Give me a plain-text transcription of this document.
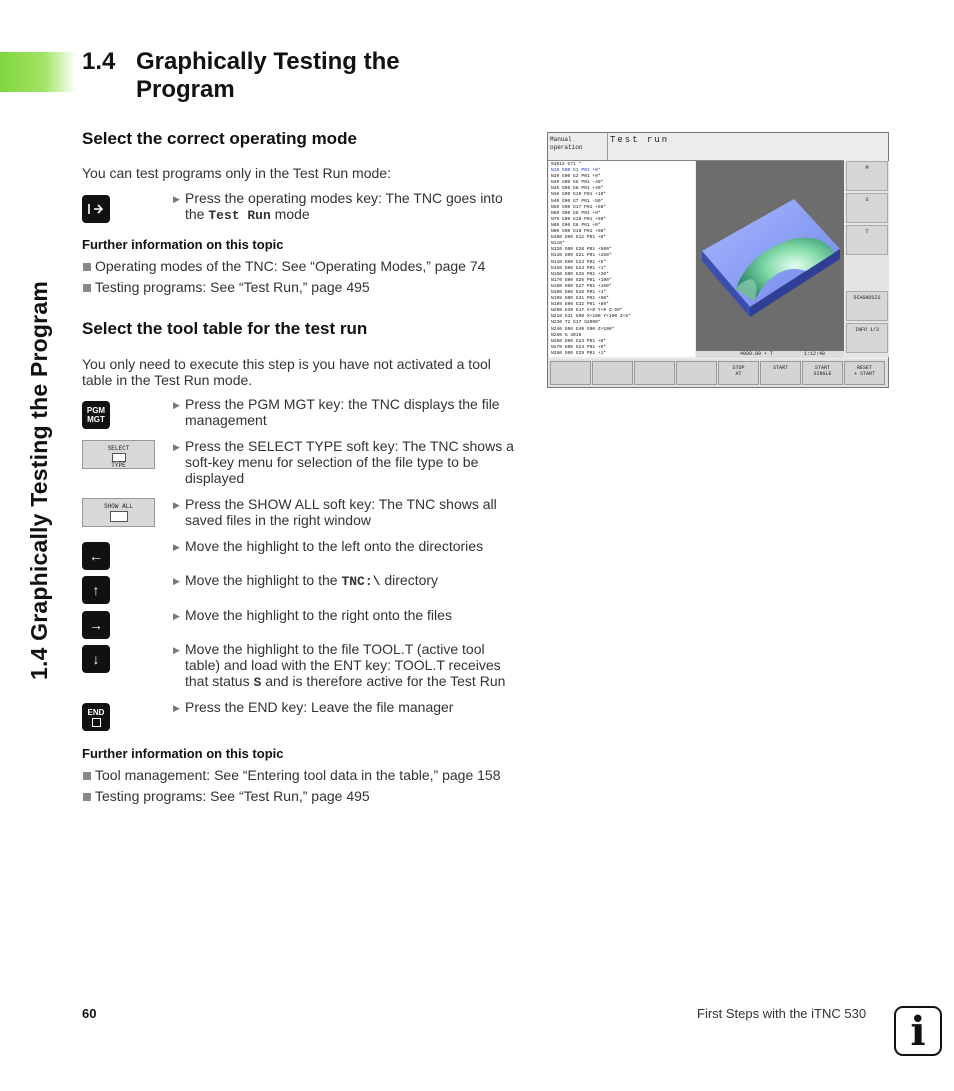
1.4 Graphically Testing the Program
1.4 Graphically Testing the
Program
Select the correct operating mode
You can test programs only in the Test Run mode:
▶ Press the operating modes key: The TNC goes into the Test Run mode
Further information on this topic
Operating modes of the TNC: See “Operating Modes,” page 74
Testing programs: See “Test Run,” page 495
Select the tool table for the test run
You only need to execute this step is you have not activated a tool
table in the Test Run mode.
PGM
MGT
▶ Press the PGM MGT key: the TNC displays the file management
SELECT
TYPE
▶ Press the SELECT TYPE soft key: The TNC shows a soft-key menu for selection of the file type to be displayed
SHOW ALL	▶ Press the SHOW ALL soft key: The TNC shows all saved files in the right window
←
▶ Move the highlight to the left onto the directories
↑
▶ Move the highlight to the TNC:\ directory
→
▶ Move the highlight to the right onto the files
↓
▶ Move the highlight to the file TOOL.T (active tool table) and load with the ENT key: TOOL.T receives that status S and is therefore active for the Test Run
END	▶ Press the END key: Leave the file manager
Further information on this topic
Tool management: See “Entering tool data in the table,” page 158
Testing programs: See “Test Run,” page 495
Manual
operation
Test run
%3015 G71 *
N10 G00 G1 P01 +0*
N20 G00 G2 P01 +0*
N30 G00 G5 P01 -40*
N35 G00 G8 P01 +40*
N36 G00 G10 P01 +10*
N40 G00 G7 P01 -50*
N50 G00 G17 P01 +50*
N60 G00 G8 P01 +0*
N70 G00 G10 P01 +50*
N80 G00 G8 P01 +0*
N90 G00 G10 P01 +50*
N100 G00 G12 P01 +0*
N110*
N120 G00 G20 P01 +500*
N130 G00 G21 P01 +250*
N140 G00 G23 P01 +5*
N150 G00 G24 P01 +1*
N160 G00 G25 P01 +20*
N170 G00 G26 P01 +100*
N180 G00 G27 P01 +150*
N190 G00 G28 P01 +4*
N195 G00 G31 P01 +50*
N198 G00 G32 P01 +80*
N200 G30 G17 X+0 Y+0 Z-50*
N210 G31 G90 X+100 Y+100 Z+5*
N230 T2 G17 S2000*
N240 G00 G40 G90 Z+100*
N250 % 3016
N260 G00 G23 P01 +0*
N270 G00 G24 P01 +0*
N280 G00 G29 P01 +1*	4000.00 • T	1:12:48
M
S
T
DIAGNOSIS
INFO 1/3
STOP
AT
START	START
SINGLE
RESET
+ START
60	First Steps with the iTNC 530	i
